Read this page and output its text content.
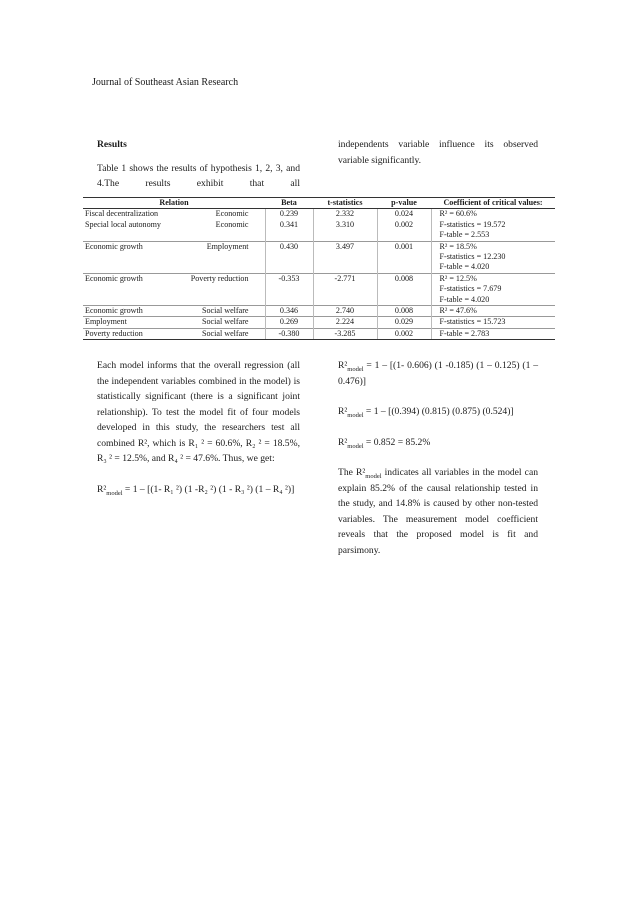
Journal of Southeast Asian Research

Results

Table 1 shows the results of hypothesis 1, 2, 3, and 4.The results exhibit that all

independents variable influence its observed variable significantly.

Relation	Beta	t-statistics	p-value	Coefficient of critical values:

Fiscal decentralization Economic	0.239	2.332	0.024	R² = 60.6%

Special local autonomy Economic	0.341	3.310	0.002	F-statistics = 19.572

				F-table = 2.553

Economic growth Employment	0.430	3.497	0.001	R² = 18.5%

				F-statistics = 12.230

				F-table = 4.020

Economic growth Poverty reduction	-0.353	-2.771	0.008	R² = 12.5%

				F-statistics = 7.679

				F-table = 4.020

Economic growth Social welfare	0.346	2.740	0.008	R² = 47.6%

Employment Social welfare	0.269	2.224	0.029	F-statistics = 15.723

Poverty reduction Social welfare	-0.380	-3.285	0.002	F-table = 2.783

Each model informs that the overall regression (all the independent variables combined in the model) is statistically significant (there is a significant joint relationship). To test the model fit of four models developed in this study, the researchers test all combined R², which is R₁ ² = 60.6%, R₂ ² = 18.5%, R₃ ² = 12.5%, and R₄ ² = 47.6%. Thus, we get:

$R^2_{model} = 1 - [(1-$ R₁ ²) (1 -R₂ ²) (1 - R₃ ²) (1 – R₄ ²)]

$R^2_{model} = 1 - [(1-$ 0.606) (1 -0.185) (1 – 0.125) (1 – 0.476)]

$R^2_{model} = 1 - [(0.394)$ (0.815) (0.875) (0.524)]

$R^2_{model} = 0.852 = 85.2\%$

The $R^2_{model}$ indicates all variables in the model can explain 85.2% of the causal relationship tested in the study, and 14.8% is caused by other non-tested variables. The measurement model coefficient reveals that the proposed model is fit and parsimony.
